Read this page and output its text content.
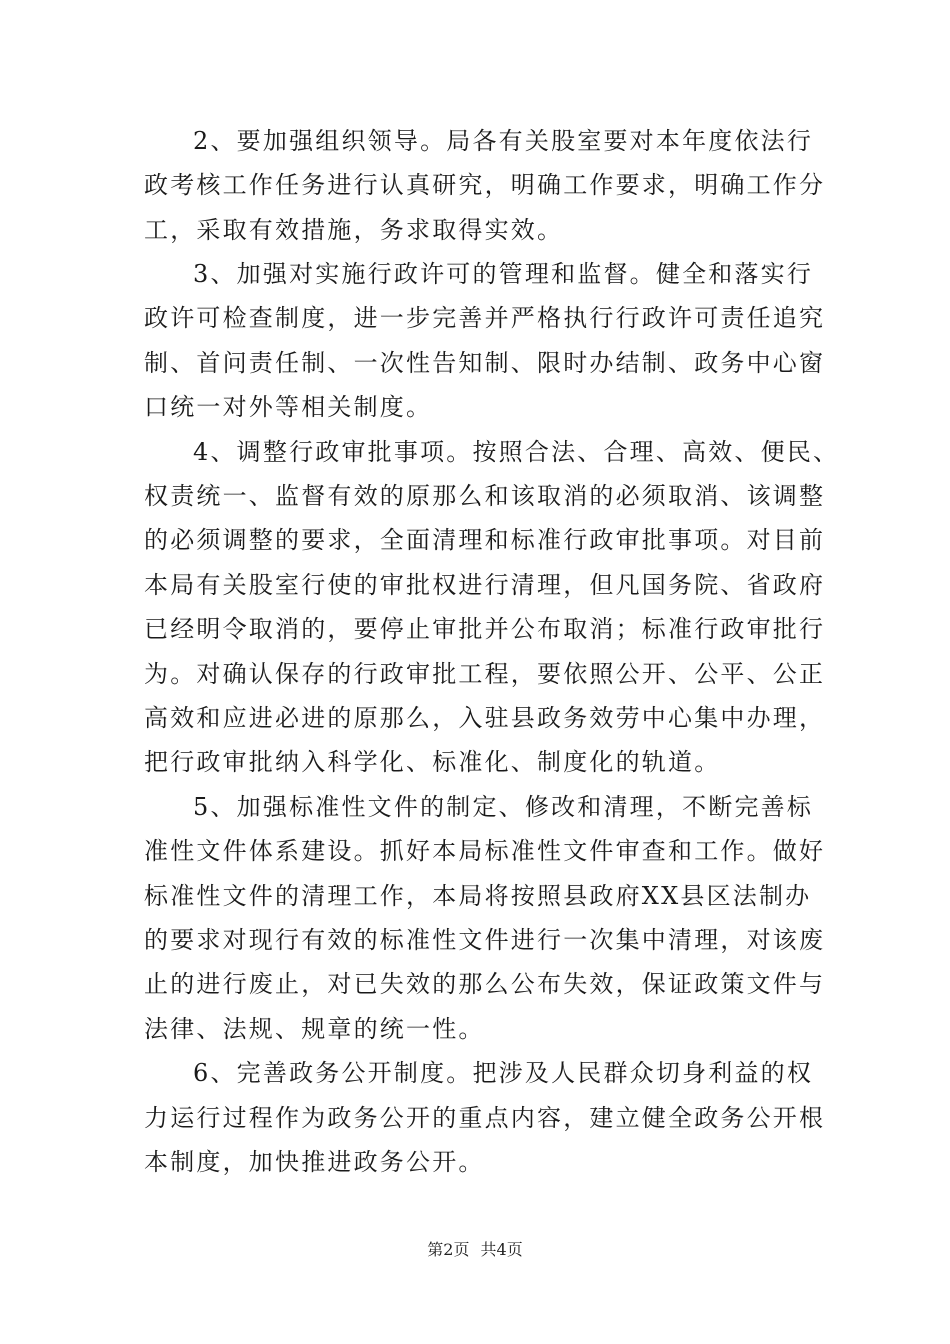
2、要加强组织领导。局各有关股室要对本年度依法行
政考核工作任务进行认真研究，明确工作要求，明确工作分
工，采取有效措施，务求取得实效。
3、加强对实施行政许可的管理和监督。健全和落实行
政许可检查制度，进一步完善并严格执行行政许可责任追究
制、首问责任制、一次性告知制、限时办结制、政务中心窗
口统一对外等相关制度。
4、调整行政审批事项。按照合法、合理、高效、便民、
权责统一、监督有效的原那么和该取消的必须取消、该调整
的必须调整的要求，全面清理和标准行政审批事项。对目前
本局有关股室行使的审批权进行清理，但凡国务院、省政府
已经明令取消的，要停止审批并公布取消；标准行政审批行
为。对确认保存的行政审批工程，要依照公开、公平、公正
高效和应进必进的原那么，入驻县政务效劳中心集中办理，
把行政审批纳入科学化、标准化、制度化的轨道。
5、加强标准性文件的制定、修改和清理，不断完善标
准性文件体系建设。抓好本局标准性文件审查和工作。做好
标准性文件的清理工作，本局将按照县政府XX县区法制办
的要求对现行有效的标准性文件进行一次集中清理，对该废
止的进行废止，对已失效的那么公布失效，保证政策文件与
法律、法规、规章的统一性。
6、完善政务公开制度。把涉及人民群众切身利益的权
力运行过程作为政务公开的重点内容，建立健全政务公开根
本制度，加快推进政务公开。
第2页 共4页
